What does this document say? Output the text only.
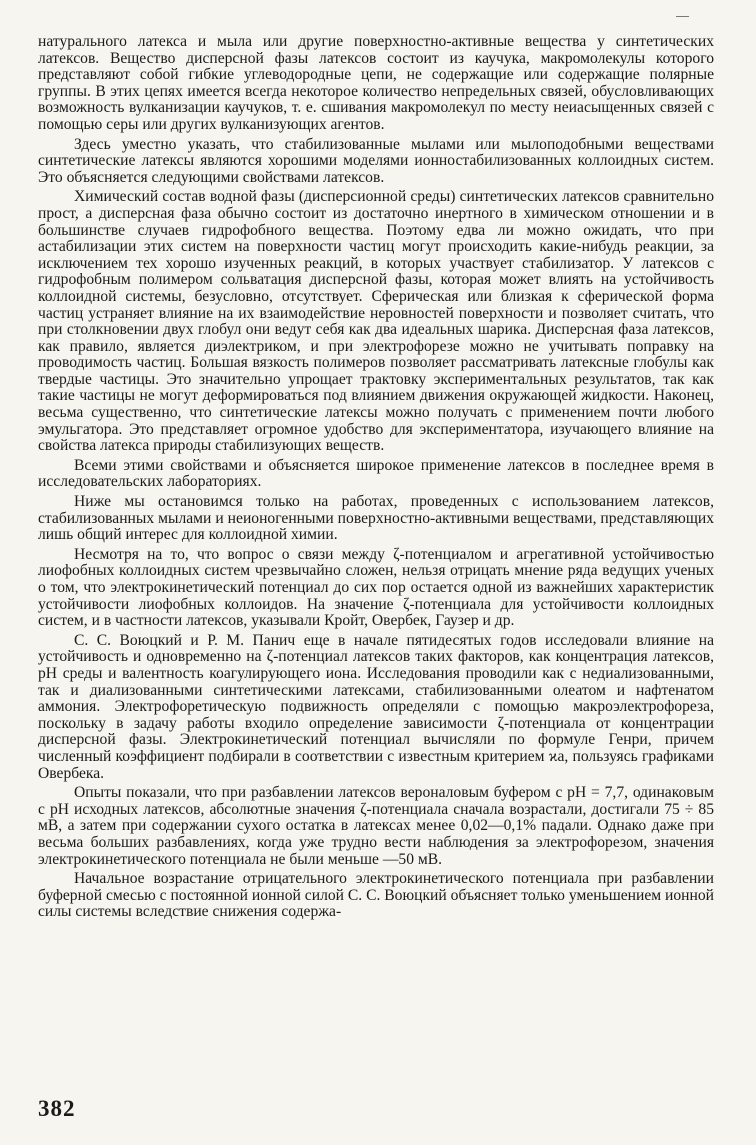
—

натурального латекса и мыла или другие поверхностно-активные вещества у синтетических латексов. Вещество дисперсной фазы латексов состоит из каучука, макромолекулы которого представляют собой гибкие углеводородные цепи, не содержащие или содержащие полярные группы. В этих цепях имеется всегда некоторое количество непредельных связей, обусловливающих возможность вулканизации каучуков, т. е. сшивания макромолекул по месту неиасыщенных связей с помощью серы или других вулканизующих агентов.

Здесь уместно указать, что стабилизованные мылами или мылоподобными веществами синтетические латексы являются хорошими моделями ионностабилизованных коллоидных систем. Это объясняется следующими свойствами латексов.

Химический состав водной фазы (дисперсионной среды) синтетических латексов сравнительно прост, а дисперсная фаза обычно состоит из достаточно инертного в химическом отношении и в большинстве случаев гидрофобного вещества. Поэтому едва ли можно ожидать, что при астабилизации этих систем на поверхности частиц могут происходить какие-нибудь реакции, за исключением тех хорошо изученных реакций, в которых участвует стабилизатор. У латексов с гидрофобным полимером сольватация дисперсной фазы, которая может влиять на устойчивость коллоидной системы, безусловно, отсутствует. Сферическая или близкая к сферической форма частиц устраняет влияние на их взаимодействие неровностей поверхности и позволяет считать, что при столкновении двух глобул они ведут себя как два идеальных шарика. Дисперсная фаза латексов, как правило, является диэлектриком, и при электрофорезе можно не учитывать поправку на проводимость частиц. Большая вязкость полимеров позволяет рассматривать латексные глобулы как твердые частицы. Это значительно упрощает трактовку экспериментальных результатов, так как такие частицы не могут деформироваться под влиянием движения окружающей жидкости. Наконец, весьма существенно, что синтетические латексы можно получать с применением почти любого эмульгатора. Это представляет огромное удобство для экспериментатора, изучающего влияние на свойства латекса природы стабилизующих веществ.

Всеми этими свойствами и объясняется широкое применение латексов в последнее время в исследовательских лабораториях.

Ниже мы остановимся только на работах, проведенных с использованием латексов, стабилизованных мылами и неионогенными поверхностно-активными веществами, представляющих лишь общий интерес для коллоидной химии.

Несмотря на то, что вопрос о связи между ζ-потенциалом и агрегативной устойчивостью лиофобных коллоидных систем чрезвычайно сложен, нельзя отрицать мнение ряда ведущих ученых о том, что электрокинетический потенциал до сих пор остается одной из важнейших характеристик устойчивости лиофобных коллоидов. На значение ζ-потенциала для устойчивости коллоидных систем, и в частности латексов, указывали Кройт, Овербек, Гаузер и др.

С. С. Воюцкий и Р. М. Панич еще в начале пятидесятых годов исследовали влияние на устойчивость и одновременно на ζ-потенциал латексов таких факторов, как концентрация латексов, pH среды и валентность коагулирующего иона. Исследования проводили как с недиализованными, так и диализованными синтетическими латексами, стабилизованными олеатом и нафтенатом аммония. Электрофоретическую подвижность определяли с помощью макроэлектрофореза, поскольку в задачу работы входило определение зависимости ζ-потенциала от концентрации дисперсной фазы. Электрокинетический потенциал вычисляли по формуле Генри, причем численный коэффициент подбирали в соответствии с известным критерием ϰa, пользуясь графиками Овербека.

Опыты показали, что при разбавлении латексов вероналовым буфером с pH = 7,7, одинаковым с pH исходных латексов, абсолютные значения ζ-потенциала сначала возрастали, достигали 75 ÷ 85 мВ, а затем при содержании сухого остатка в латексах менее 0,02—0,1% падали. Однако даже при весьма больших разбавлениях, когда уже трудно вести наблюдения за электрофорезом, значения электрокинетического потенциала не были меньше —50 мВ.

Начальное возрастание отрицательного электрокинетического потенциала при разбавлении буферной смесью с постоянной ионной силой С. С. Воюцкий объясняет только уменьшением ионной силы системы вследствие снижения содержа-

382
